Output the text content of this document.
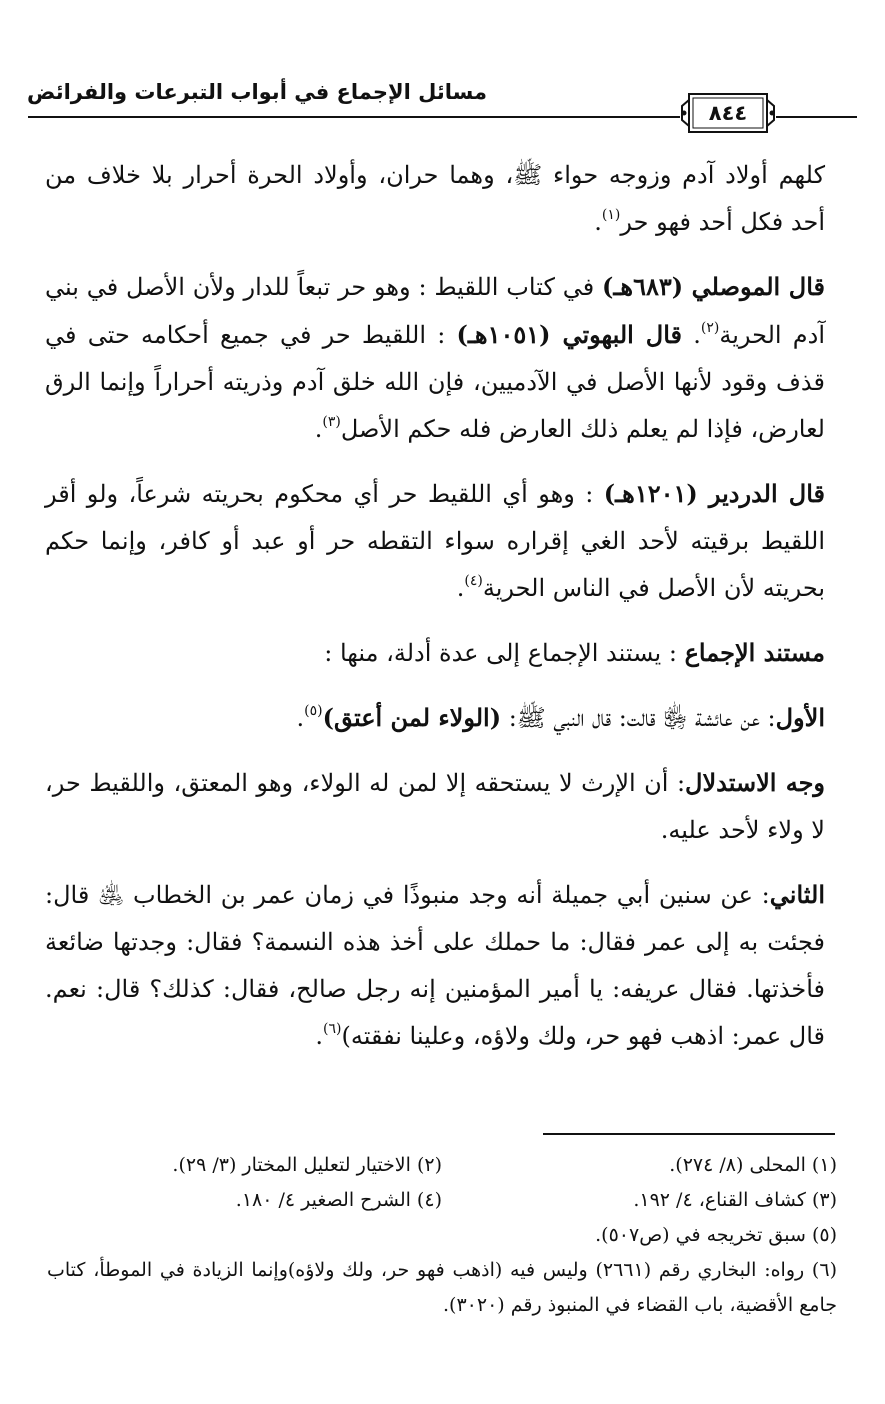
مسائل الإجماع في أبواب التبرعات والفرائض
٨٤٤

كلهم أولاد آدم وزوجه حواء ﷺ، وهما حران، وأولاد الحرة أحرار بلا خلاف من أحد فكل أحد فهو حر$^{(١)}$.

قال الموصلي (٦٨٣هـ) في كتاب اللقيط : وهو حر تبعاً للدار ولأن الأصل في بني آدم الحرية$^{(٢)}$. قال البهوتي (١٠٥١هـ) : اللقيط حر في جميع أحكامه حتى في قذف وقود لأنها الأصل في الآدميين، فإن الله خلق آدم وذريته أحراراً وإنما الرق لعارض، فإذا لم يعلم ذلك العارض فله حكم الأصل$^{(٣)}$.

قال الدردير (١٢٠١هـ) : وهو أي اللقيط حر أي محكوم بحريته شرعاً، ولو أقر اللقيط برقيته لأحد الغي إقراره سواء التقطه حر أو عبد أو كافر، وإنما حكم بحريته لأن الأصل في الناس الحرية$^{(٤)}$.

مستند الإجماع : يستند الإجماع إلى عدة أدلة، منها :

الأول: عن عائشة ﵂ قالت: قال النبي ﷺ: (الولاء لمن أعتق)$^{(٥)}$.

وجه الاستدلال: أن الإرث لا يستحقه إلا لمن له الولاء، وهو المعتق، واللقيط حر، لا ولاء لأحد عليه.

الثاني: عن سنين أبي جميلة أنه وجد منبوذًا في زمان عمر بن الخطاب ﵁ قال: فجئت به إلى عمر فقال: ما حملك على أخذ هذه النسمة؟ فقال: وجدتها ضائعة فأخذتها. فقال عريفه: يا أمير المؤمنين إنه رجل صالح، فقال: كذلك؟ قال: نعم. قال عمر: اذهب فهو حر، ولك ولاؤه، وعلينا نفقته)$^{(٦)}$.

(١) المحلى (٨/ ٢٧٤).
(٢) الاختيار لتعليل المختار (٣/ ٢٩).
(٣) كشاف القناع، ٤/ ١٩٢.
(٤) الشرح الصغير ٤/ ١٨٠.
(٥) سبق تخريجه في (ص٥٠٧).
(٦) رواه: البخاري رقم (٢٦٦١) وليس فيه (اذهب فهو حر، ولك ولاؤه)وإنما الزيادة في الموطأ، كتاب جامع الأقضية، باب القضاء في المنبوذ رقم (٣٠٢٠).
